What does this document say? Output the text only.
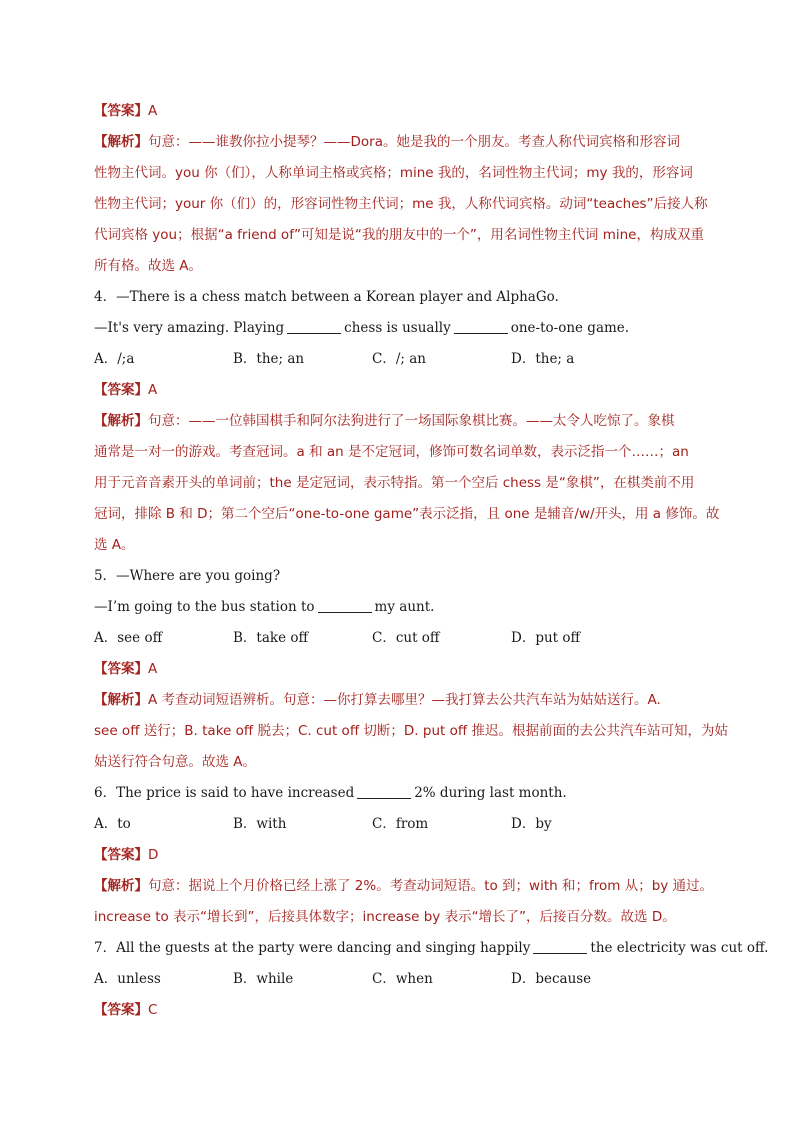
【答案】A
【解析】句意：——谁教你拉小提琴？——Dora。她是我的一个朋友。考查人称代词宾格和形容词
性物主代词。you 你（们），人称单词主格或宾格；mine 我的，名词性物主代词；my 我的，形容词
性物主代词；your 你（们）的，形容词性物主代词；me 我，人称代词宾格。动词“teaches”后接人称
代词宾格 you；根据“a friend of”可知是说“我的朋友中的一个”，用名词性物主代词 mine，构成双重
所有格。故选 A。
4．—There is a chess match between a Korean player and AlphaGo.
—It's very amazing. Playing	chess is usually	one-to-one game.
A．/;a	B．the; an	C．/; an	D．the; a
【答案】A
【解析】句意：——一位韩国棋手和阿尔法狗进行了一场国际象棋比赛。——太令人吃惊了。象棋
通常是一对一的游戏。考查冠词。a 和 an 是不定冠词，修饰可数名词单数，表示泛指一个……；an
用于元音音素开头的单词前；the 是定冠词，表示特指。第一个空后 chess 是“象棋”，在棋类前不用
冠词，排除 B 和 D；第二个空后“one-to-one game”表示泛指，且 one 是辅音/w/开头，用 a 修饰。故
选 A。
5．—Where are you going?
—I’m going to the bus station to	my aunt.
A．see off	B．take off	C．cut off	D．put off
【答案】A
【解析】A 考查动词短语辨析。句意：—你打算去哪里？—我打算去公共汽车站为姑姑送行。A.
see off 送行；B. take off 脱去；C. cut off 切断；D. put off 推迟。根据前面的去公共汽车站可知，为姑
姑送行符合句意。故选 A。
6．The price is said to have increased	2% during last month.
A．to	B．with	C．from	D．by
【答案】D
【解析】句意：据说上个月价格已经上涨了 2%。考查动词短语。to 到；with 和；from 从；by 通过。
increase to 表示“增长到”，后接具体数字；increase by 表示“增长了”，后接百分数。故选 D。
7．All the guests at the party were dancing and singing happily	the electricity was cut off.
A．unless	B．while	C．when	D．because
【答案】C
